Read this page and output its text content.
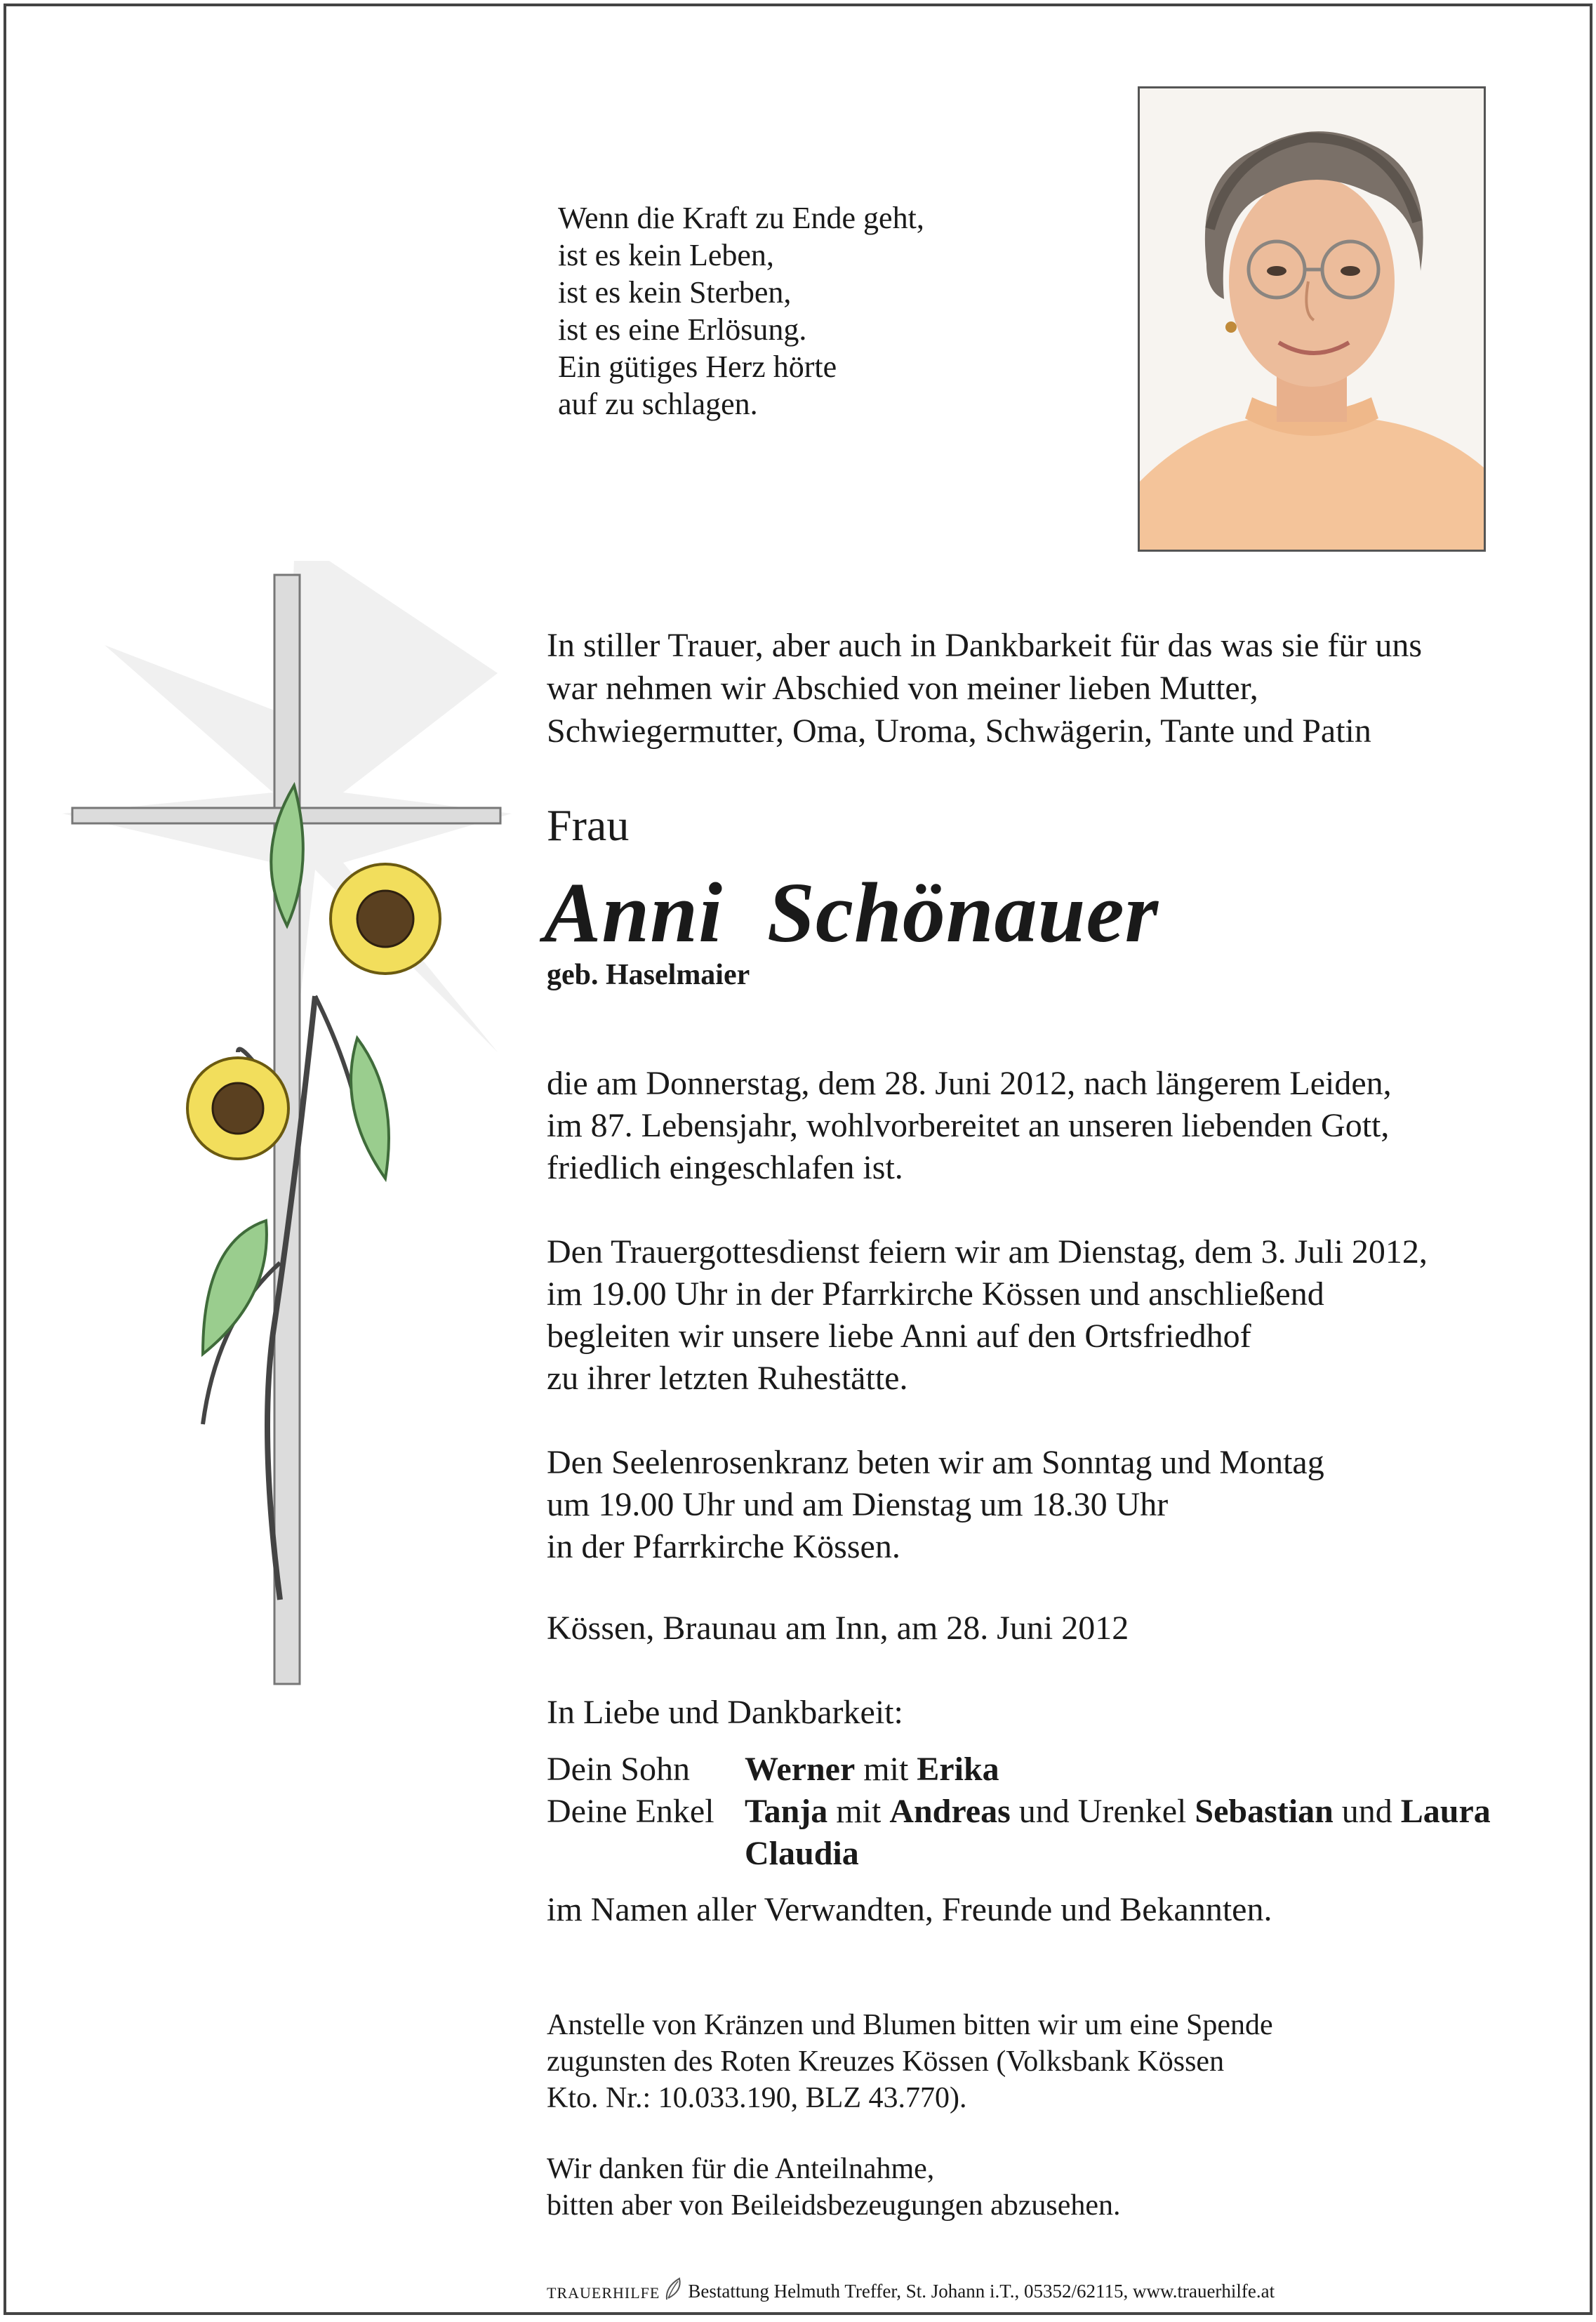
Wenn die Kraft zu Ende geht,
ist es kein Leben,
ist es kein Sterben,
ist es eine Erlösung.
Ein gütiges Herz hörte
auf zu schlagen.
In stiller Trauer, aber auch in Dankbarkeit für das was sie für uns
war nehmen wir Abschied von meiner lieben Mutter,
Schwiegermutter, Oma, Uroma, Schwägerin, Tante und Patin
Frau
Anni Schönauer
geb. Haselmaier
die am Donnerstag, dem 28. Juni 2012, nach längerem Leiden,
im 87. Lebensjahr, wohlvorbereitet an unseren liebenden Gott,
friedlich eingeschlafen ist.
Den Trauergottesdienst feiern wir am Dienstag, dem 3. Juli 2012,
im 19.00 Uhr in der Pfarrkirche Kössen und anschließend
begleiten wir unsere liebe Anni auf den Ortsfriedhof
zu ihrer letzten Ruhestätte.
Den Seelenrosenkranz beten wir am Sonntag und Montag
um 19.00 Uhr und am Dienstag um 18.30 Uhr
in der Pfarrkirche Kössen.
Kössen, Braunau am Inn, am 28. Juni 2012
In Liebe und Dankbarkeit:
Dein Sohn Werner mit Erika
Deine Enkel Tanja mit Andreas und Urenkel Sebastian und Laura
Claudia
im Namen aller Verwandten, Freunde und Bekannten.
Anstelle von Kränzen und Blumen bitten wir um eine Spende
zugunsten des Roten Kreuzes Kössen (Volksbank Kössen
Kto. Nr.: 10.033.190, BLZ 43.770).
Wir danken für die Anteilnahme,
bitten aber von Beileidsbezeugungen abzusehen.
TRAUERHILFE Bestattung Helmuth Treffer, St. Johann i.T., 05352/62115, www.trauerhilfe.at
